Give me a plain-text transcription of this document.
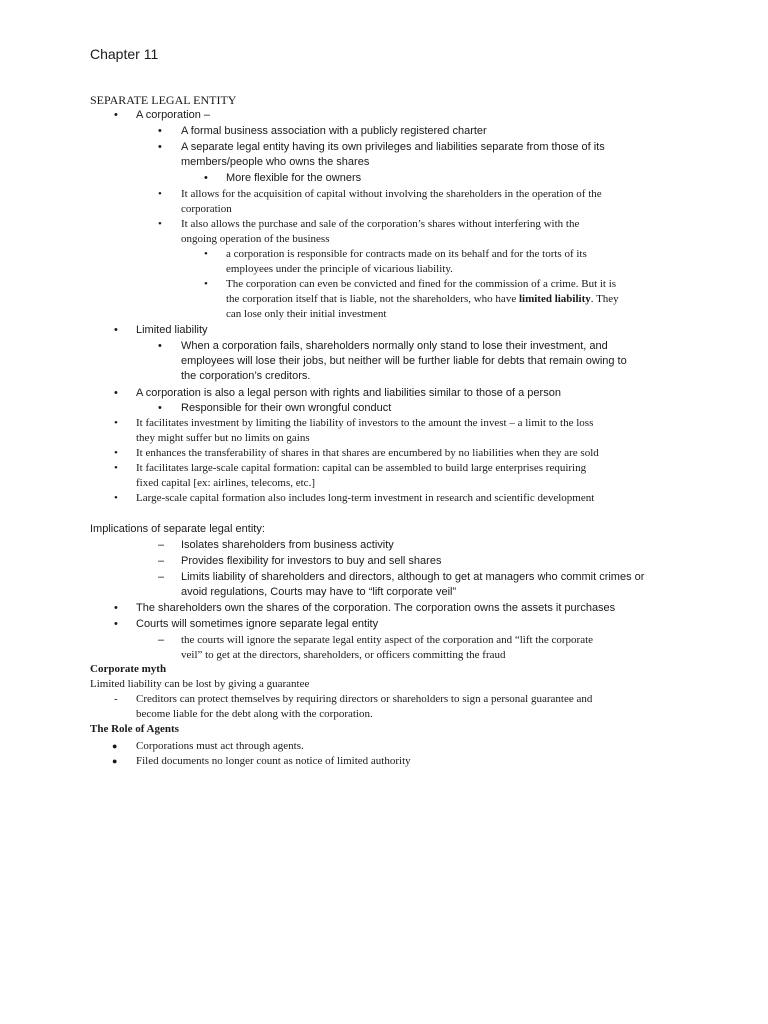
Chapter 11
SEPARATE LEGAL ENTITY
• A corporation –
• A formal business association with a publicly registered charter
• A separate legal entity having its own privileges and liabilities separate from those of its
members/people who owns the shares
• More flexible for the owners
• It allows for the acquisition of capital without involving the shareholders in the operation of the
corporation
• It also allows the purchase and sale of the corporation’s shares without interfering with the
ongoing operation of the business
• a corporation is responsible for contracts made on its behalf and for the torts of its
employees under the principle of vicarious liability.
• The corporation can even be convicted and fined for the commission of a crime. But it is
the corporation itself that is liable, not the shareholders, who have limited liability. They
can lose only their initial investment
• Limited liability
• When a corporation fails, shareholders normally only stand to lose their investment, and
employees will lose their jobs, but neither will be further liable for debts that remain owing to
the corporation’s creditors.
• A corporation is also a legal person with rights and liabilities similar to those of a person
• Responsible for their own wrongful conduct
• It facilitates investment by limiting the liability of investors to the amount the invest – a limit to the loss
they might suffer but no limits on gains
• It enhances the transferability of shares in that shares are encumbered by no liabilities when they are sold
• It facilitates large-scale capital formation: capital can be assembled to build large enterprises requiring
fixed capital [ex: airlines, telecoms, etc.]
• Large-scale capital formation also includes long-term investment in research and scientific development
Implications of separate legal entity:
– Isolates shareholders from business activity
– Provides flexibility for investors to buy and sell shares
– Limits liability of shareholders and directors, although to get at managers who commit crimes or
avoid regulations, Courts may have to “lift corporate veil”
• The shareholders own the shares of the corporation. The corporation owns the assets it purchases
• Courts will sometimes ignore separate legal entity
– the courts will ignore the separate legal entity aspect of the corporation and “lift the corporate
veil” to get at the directors, shareholders, or officers committing the fraud
Corporate myth
Limited liability can be lost by giving a guarantee
- Creditors can protect themselves by requiring directors or shareholders to sign a personal guarantee and
become liable for the debt along with the corporation.
The Role of Agents
● Corporations must act through agents.
● Filed documents no longer count as notice of limited authority
